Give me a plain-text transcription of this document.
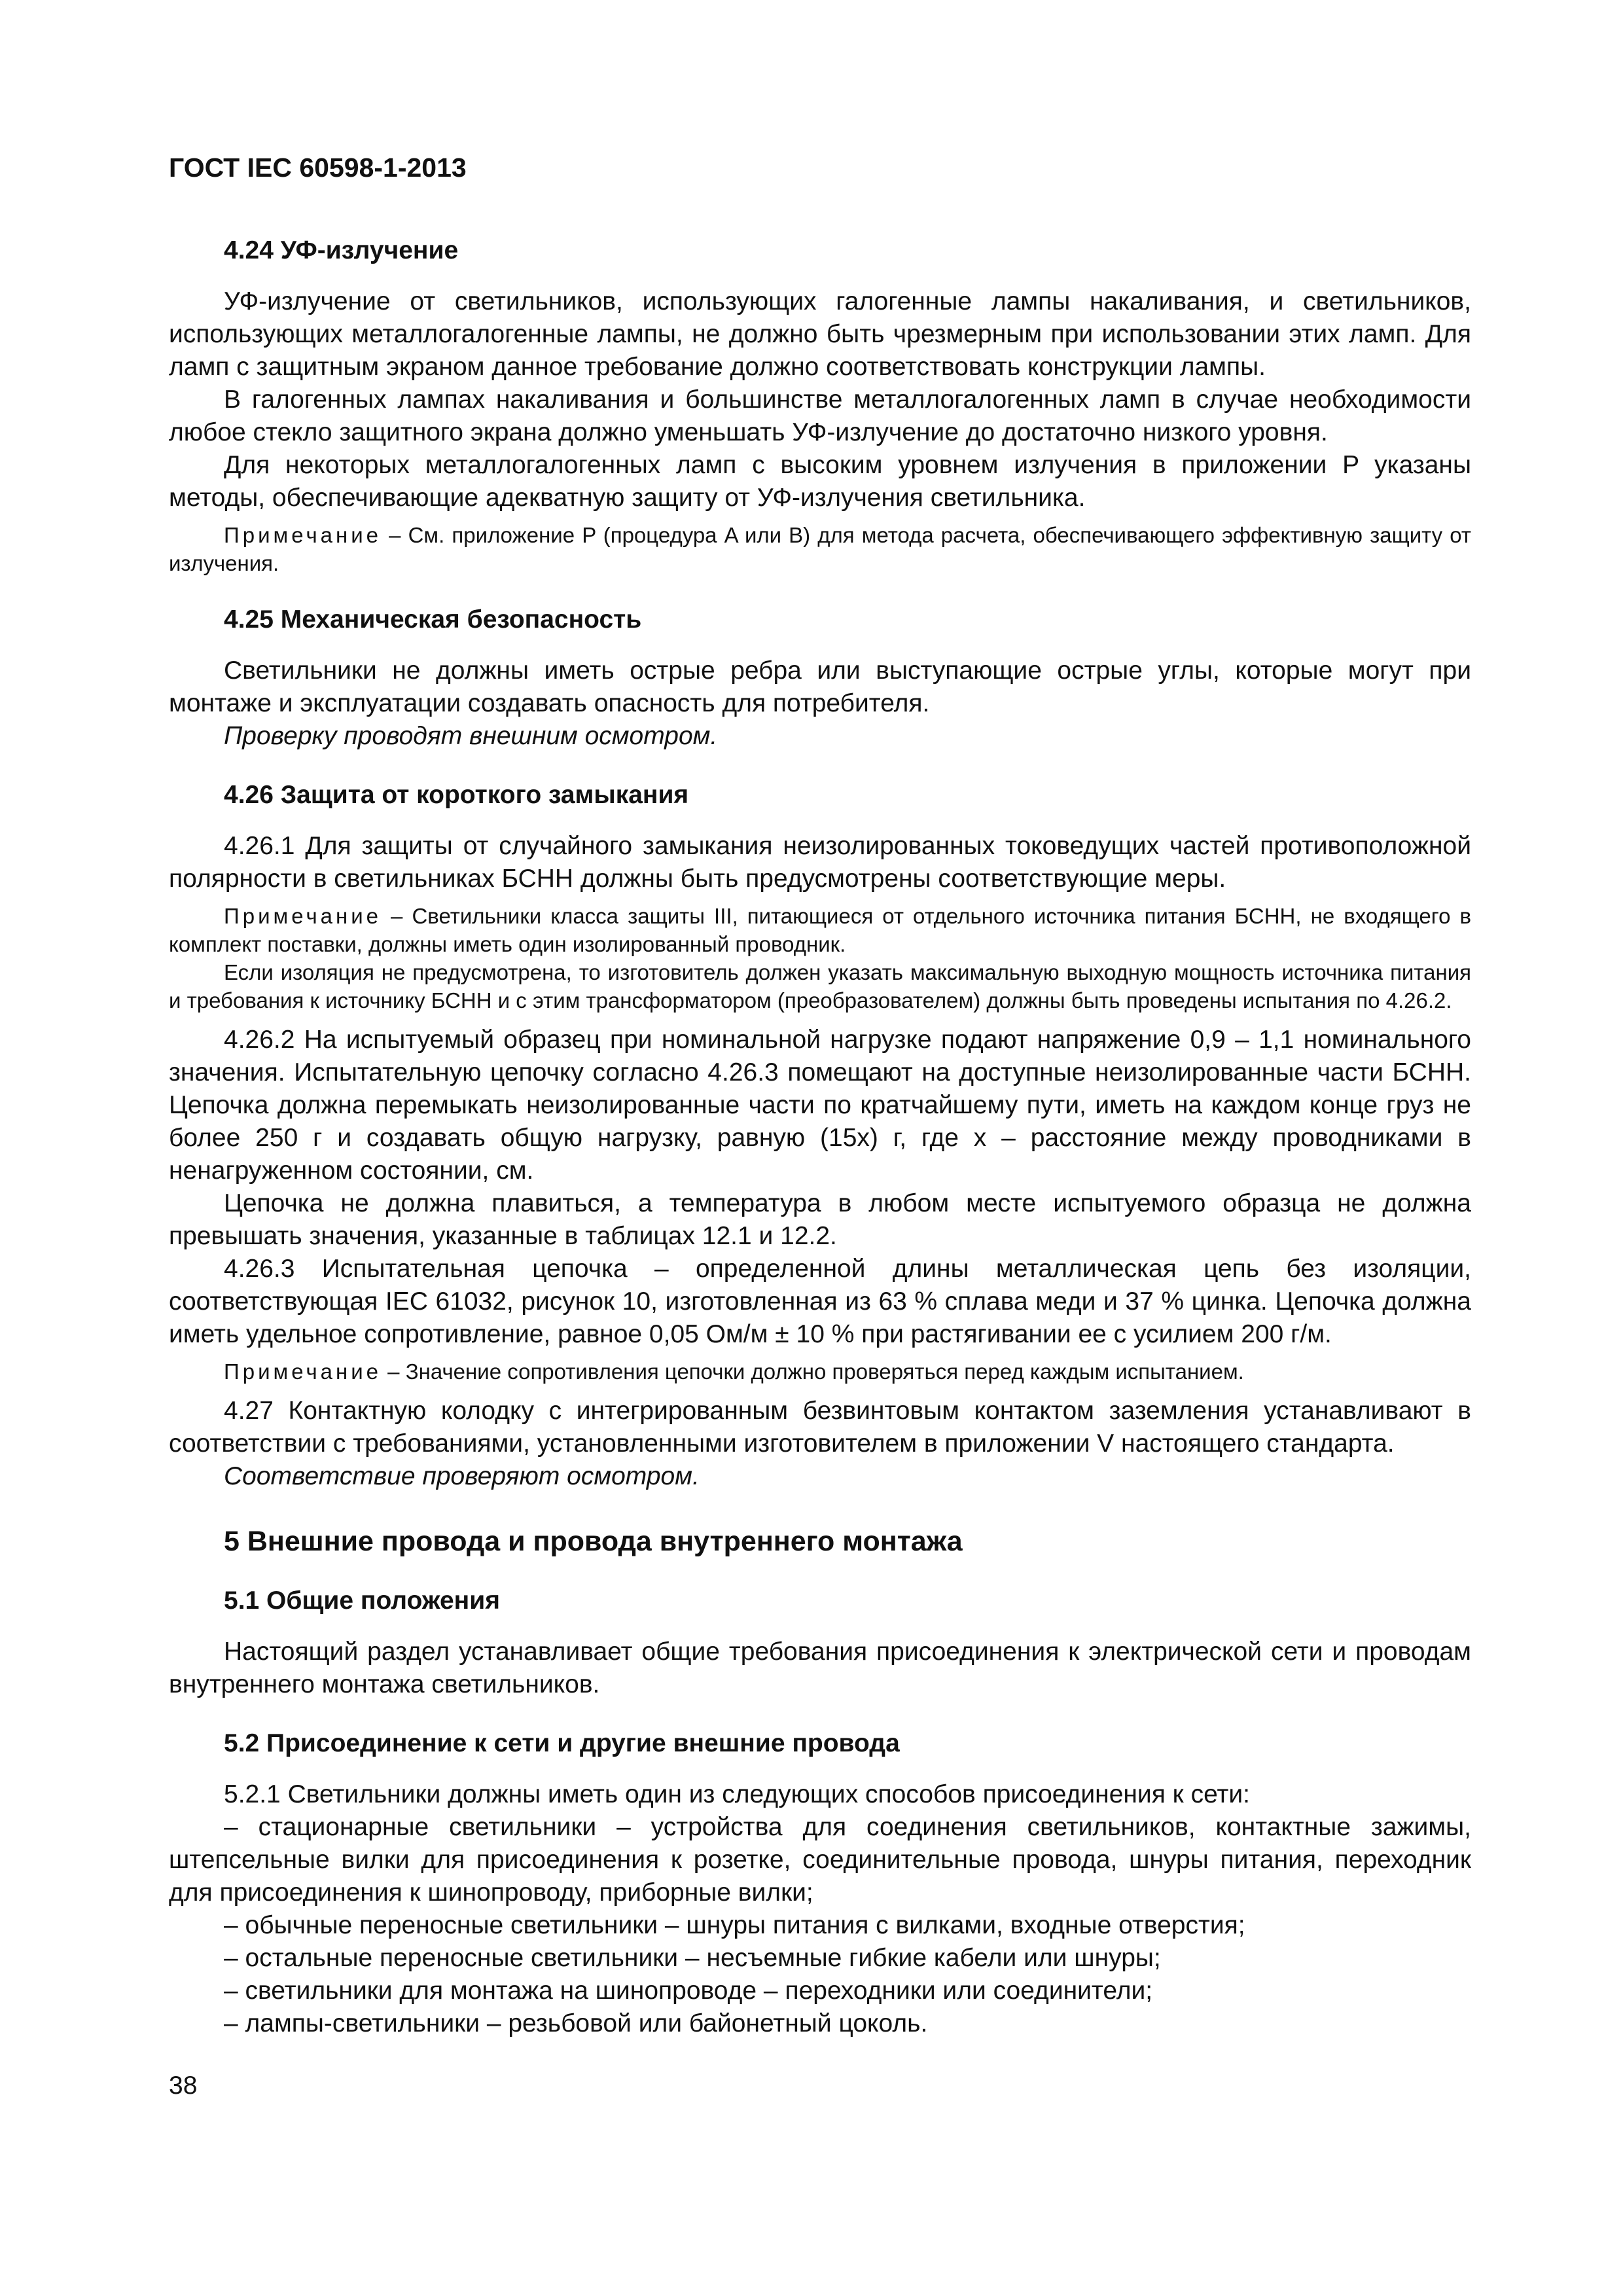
ГОСТ IEC 60598-1-2013
4.24 УФ-излучение

УФ-излучение от светильников, использующих галогенные лампы накаливания, и светильников, использующих металлогалогенные лампы, не должно быть чрезмерным при использовании этих ламп. Для ламп с защитным экраном данное требование должно соответствовать конструкции лампы.

В галогенных лампах накаливания и большинстве металлогалогенных ламп в случае необходимости любое стекло защитного экрана должно уменьшать УФ-излучение до достаточно низкого уровня.

Для некоторых металлогалогенных ламп с высоким уровнем излучения в приложении P указаны методы, обеспечивающие адекватную защиту от УФ-излучения светильника.

Примечание – См. приложение P (процедура A или B) для метода расчета, обеспечивающего эффективную защиту от излучения.

4.25 Механическая безопасность

Светильники не должны иметь острые ребра или выступающие острые углы, которые могут при монтаже и эксплуатации создавать опасность для потребителя.

Проверку проводят внешним осмотром.

4.26 Защита от короткого замыкания

4.26.1 Для защиты от случайного замыкания неизолированных токоведущих частей противоположной полярности в светильниках БСНН должны быть предусмотрены соответствующие меры.

Примечание – Светильники класса защиты III, питающиеся от отдельного источника питания БСНН, не входящего в комплект поставки, должны иметь один изолированный проводник.

Если изоляция не предусмотрена, то изготовитель должен указать максимальную выходную мощность источника питания и требования к источнику БСНН и с этим трансформатором (преобразователем) должны быть проведены испытания по 4.26.2.

4.26.2 На испытуемый образец при номинальной нагрузке подают напряжение 0,9 – 1,1 номинального значения. Испытательную цепочку согласно 4.26.3 помещают на доступные неизолированные части БСНН. Цепочка должна перемыкать неизолированные части по кратчайшему пути, иметь на каждом конце груз не более 250 г и создавать общую нагрузку, равную (15х) г, где х – расстояние между проводниками в ненагруженном состоянии, см.

Цепочка не должна плавиться, а температура в любом месте испытуемого образца не должна превышать значения, указанные в таблицах 12.1 и 12.2.

4.26.3 Испытательная цепочка – определенной длины металлическая цепь без изоляции, соответствующая IEC 61032, рисунок 10, изготовленная из 63 % сплава меди и 37 % цинка. Цепочка должна иметь удельное сопротивление, равное 0,05 Ом/м ± 10 % при растягивании ее с усилием 200 г/м.

Примечание – Значение сопротивления цепочки должно проверяться перед каждым испытанием.

4.27 Контактную колодку с интегрированным безвинтовым контактом заземления устанавливают в соответствии с требованиями, установленными изготовителем в приложении V настоящего стандарта.

Соответствие проверяют осмотром.

5 Внешние провода и провода внутреннего монтажа
5.1 Общие положения

Настоящий раздел устанавливает общие требования присоединения к электрической сети и проводам внутреннего монтажа светильников.

5.2 Присоединение к сети и другие внешние провода

5.2.1 Светильники должны иметь один из следующих способов присоединения к сети:

– стационарные светильники – устройства для соединения светильников, контактные зажимы, штепсельные вилки для присоединения к розетке, соединительные провода, шнуры питания, переходник для присоединения к шинопроводу, приборные вилки;

– обычные переносные светильники – шнуры питания с вилками, входные отверстия;

– остальные переносные светильники – несъемные гибкие кабели или шнуры;

– светильники для монтажа на шинопроводе – переходники или соединители;

– лампы-светильники – резьбовой или байонетный цоколь.

38
